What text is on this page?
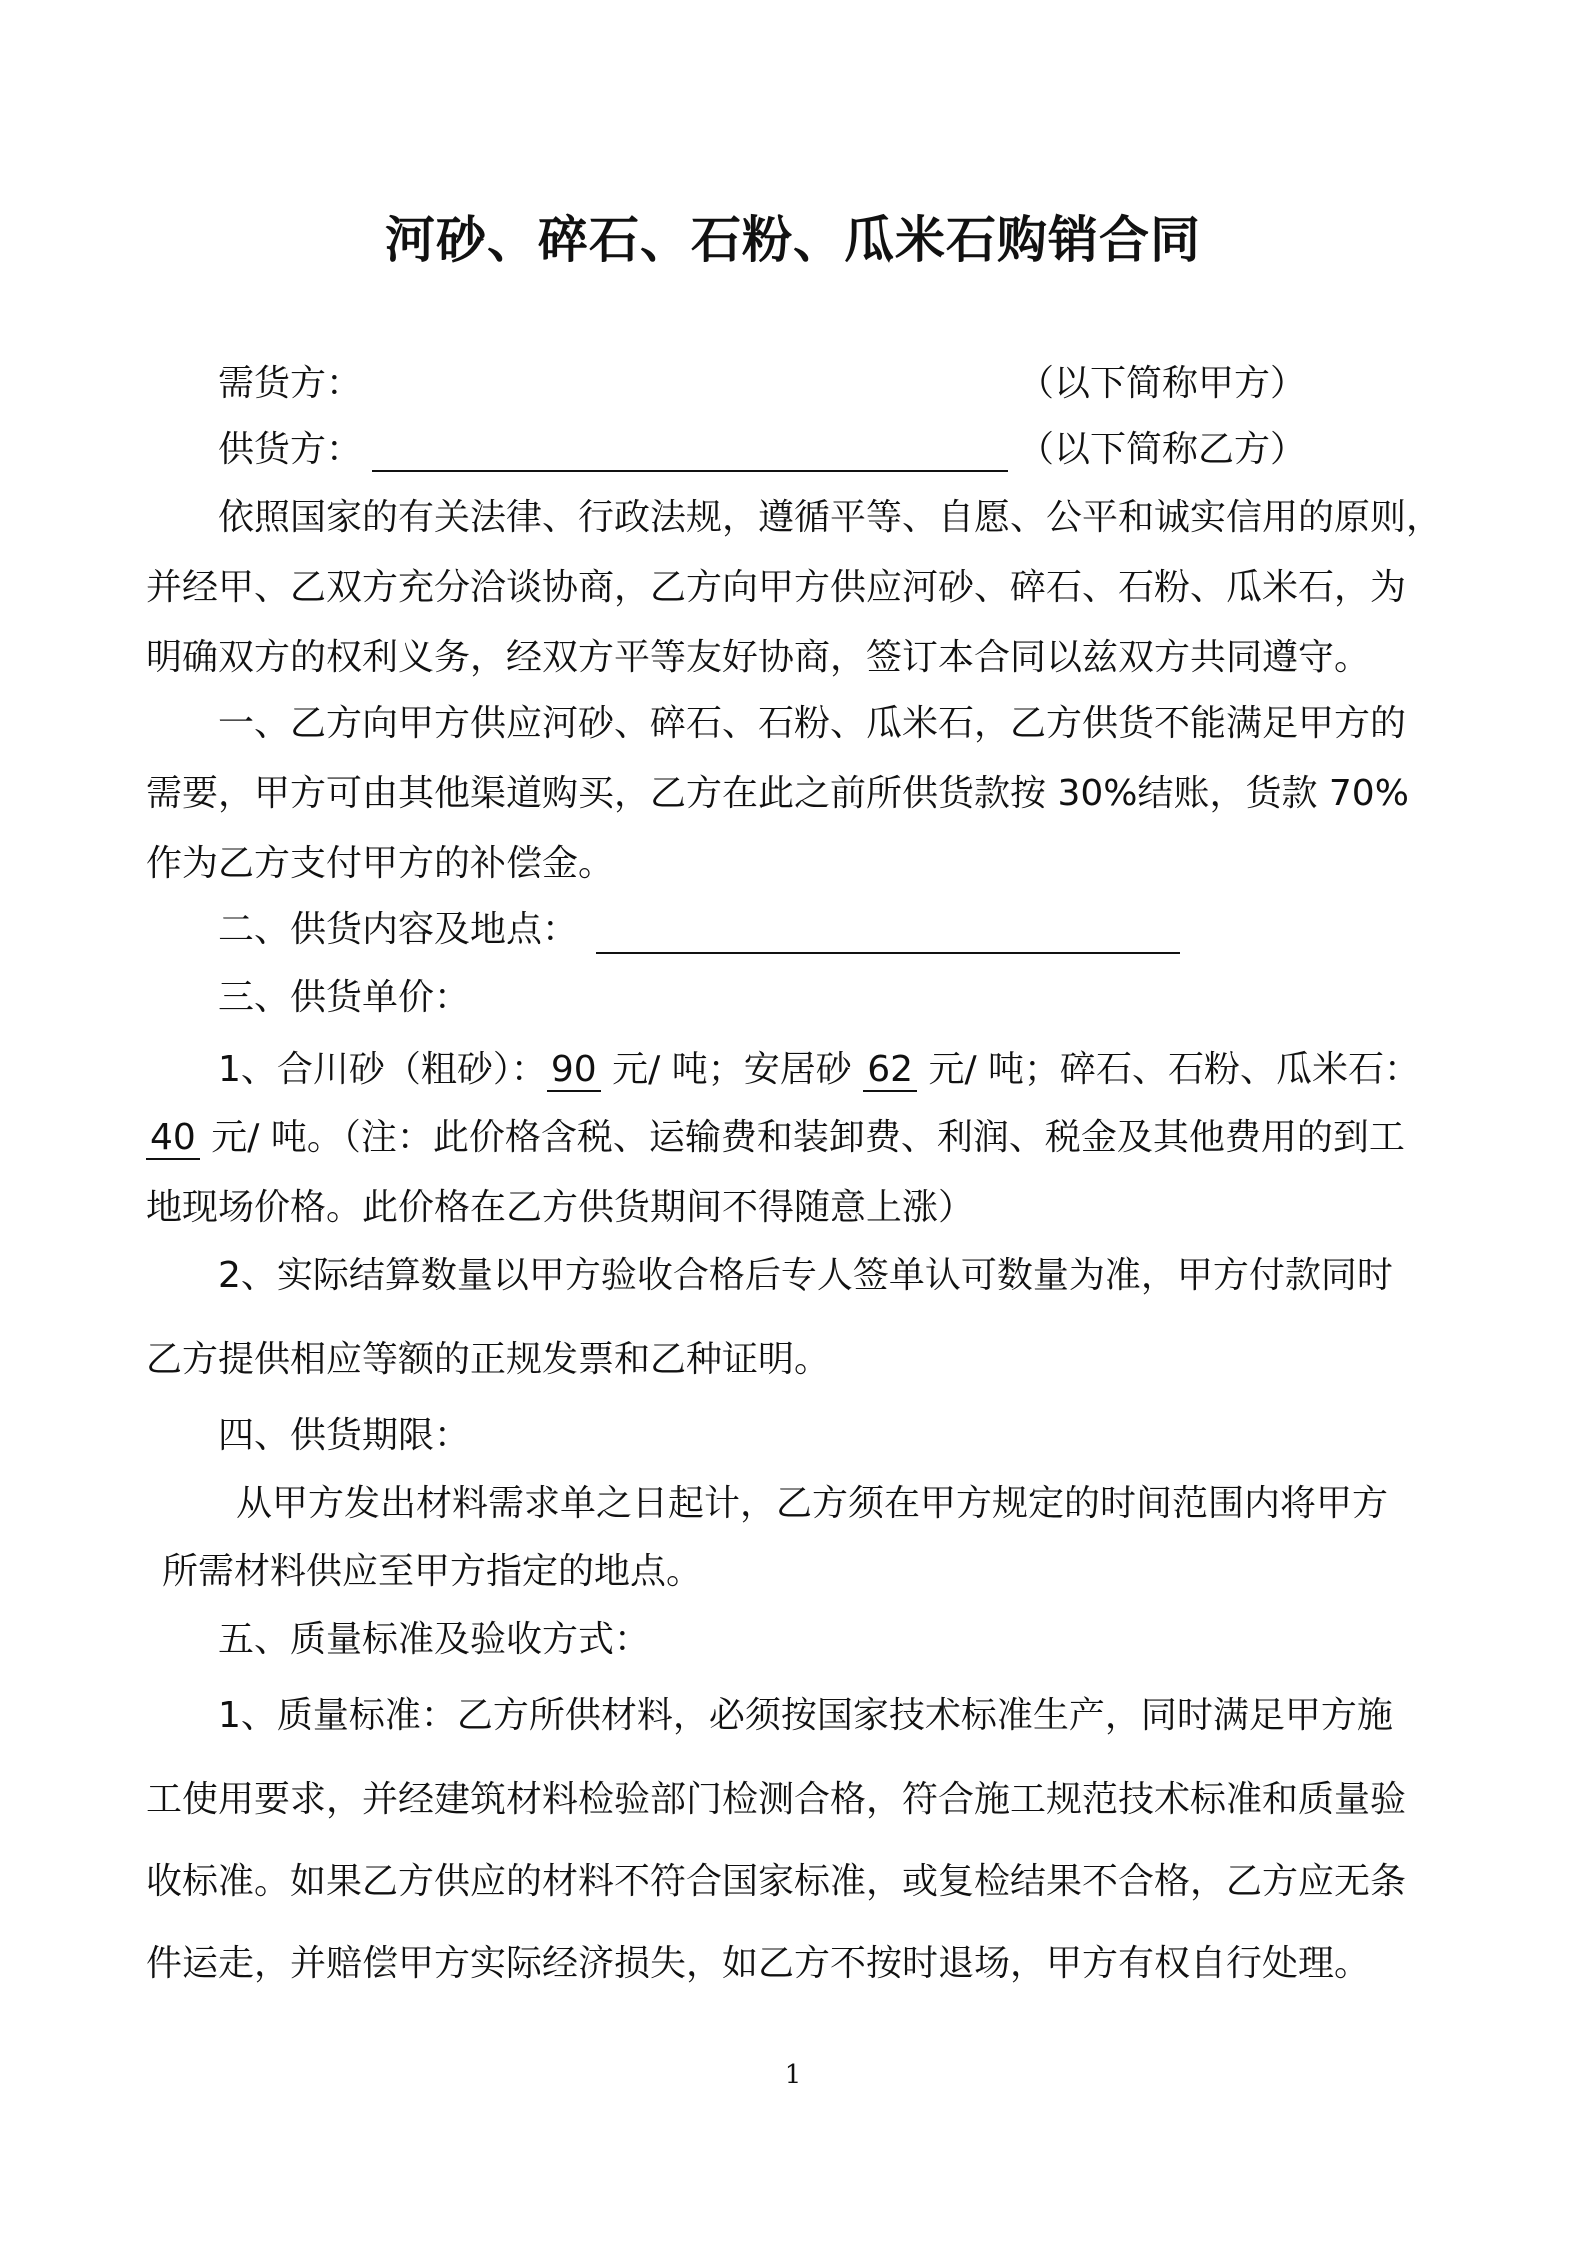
河砂、碎石、石粉、瓜米石购销合同
需货方：	（以下简称甲方）
供货方：	（以下简称乙方）
依照国家的有关法律、行政法规，遵循平等、自愿、公平和诚实信用的原则，
并经甲、乙双方充分洽谈协商，乙方向甲方供应河砂、碎石、石粉、瓜米石，为
明确双方的权利义务，经双方平等友好协商，签订本合同以兹双方共同遵守。
一、乙方向甲方供应河砂、碎石、石粉、瓜米石，乙方供货不能满足甲方的
需要，甲方可由其他渠道购买，乙方在此之前所供货款按 30%结账，货款 70%
作为乙方支付甲方的补偿金。
二、供货内容及地点：
三、供货单价：
1、合川砂（粗砂）： 90 元/ 吨；安居砂 62 元/ 吨；碎石、石粉、瓜米石：
40 元/ 吨。（注：此价格含税、运输费和装卸费、利润、税金及其他费用的到工
地现场价格。此价格在乙方供货期间不得随意上涨）
2、实际结算数量以甲方验收合格后专人签单认可数量为准，甲方付款同时
乙方提供相应等额的正规发票和乙种证明。
四、供货期限：
从甲方发出材料需求单之日起计，乙方须在甲方规定的时间范围内将甲方
所需材料供应至甲方指定的地点。
五、质量标准及验收方式：
1、质量标准：乙方所供材料，必须按国家技术标准生产，同时满足甲方施
工使用要求，并经建筑材料检验部门检测合格，符合施工规范技术标准和质量验
收标准。如果乙方供应的材料不符合国家标准，或复检结果不合格，乙方应无条
件运走，并赔偿甲方实际经济损失，如乙方不按时退场，甲方有权自行处理。
1
